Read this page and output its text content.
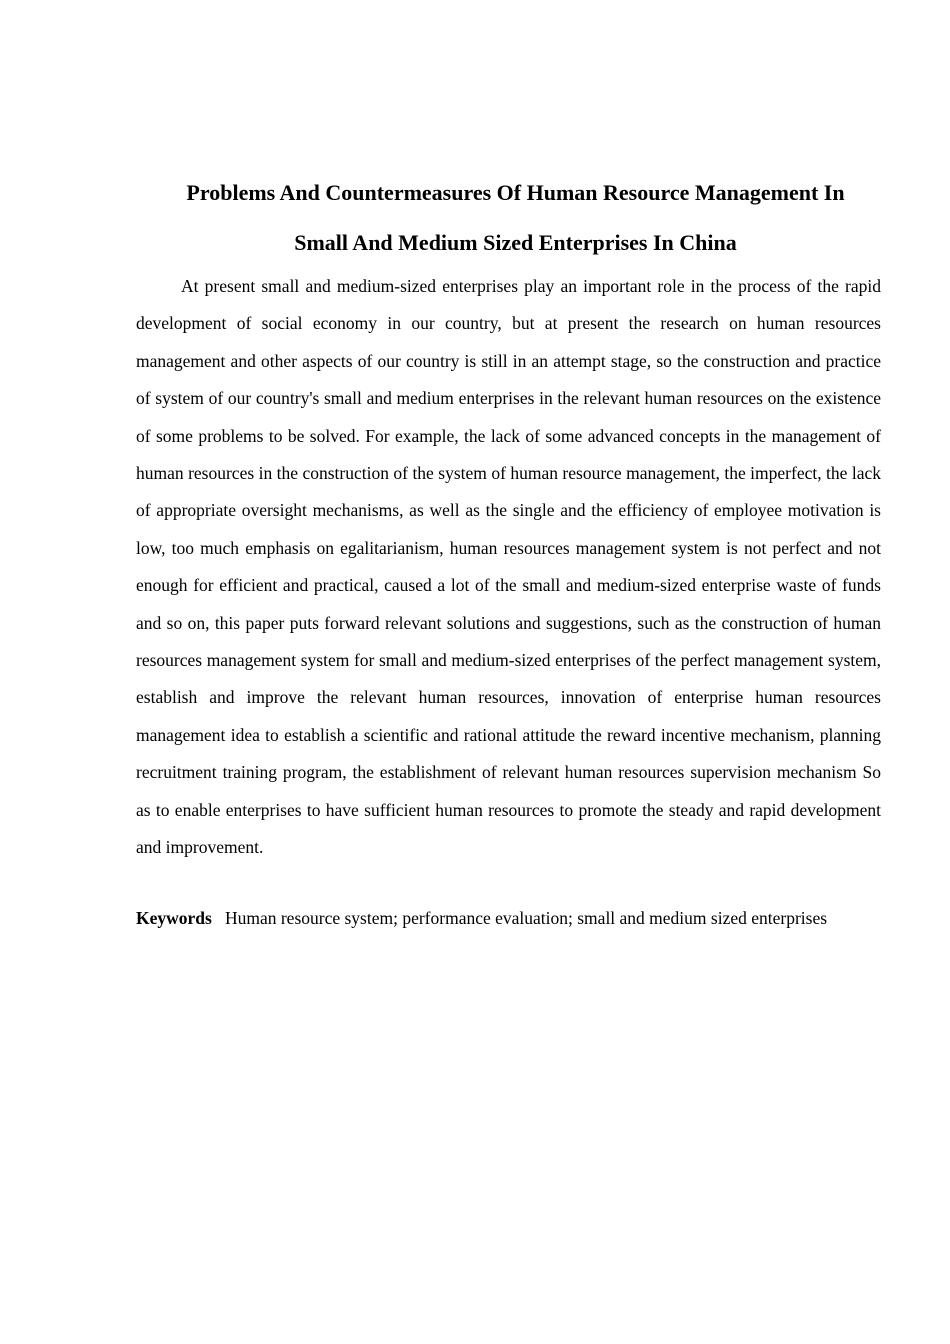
Problems And Countermeasures Of Human Resource Management In
Small And Medium Sized Enterprises In China

At present small and medium-sized enterprises play an important role in the process of the rapid development of social economy in our country, but at present the research on human resources management and other aspects of our country is still in an attempt stage, so the construction and practice of system of our country's small and medium enterprises in the relevant human resources on the existence of some problems to be solved. For example, the lack of some advanced concepts in the management of human resources in the construction of the system of human resource management, the imperfect, the lack of appropriate oversight mechanisms, as well as the single and the efficiency of employee motivation is low, too much emphasis on egalitarianism, human resources management system is not perfect and not enough for efficient and practical, caused a lot of the small and medium-sized enterprise waste of funds and so on, this paper puts forward relevant solutions and suggestions, such as the construction of human resources management system for small and medium-sized enterprises of the perfect management system, establish and improve the relevant human resources, innovation of enterprise human resources management idea to establish a scientific and rational attitude the reward incentive mechanism, planning recruitment training program, the establishment of relevant human resources supervision mechanism So as to enable enterprises to have sufficient human resources to promote the steady and rapid development and improvement.

Keywords Human resource system; performance evaluation; small and medium sized enterprises
